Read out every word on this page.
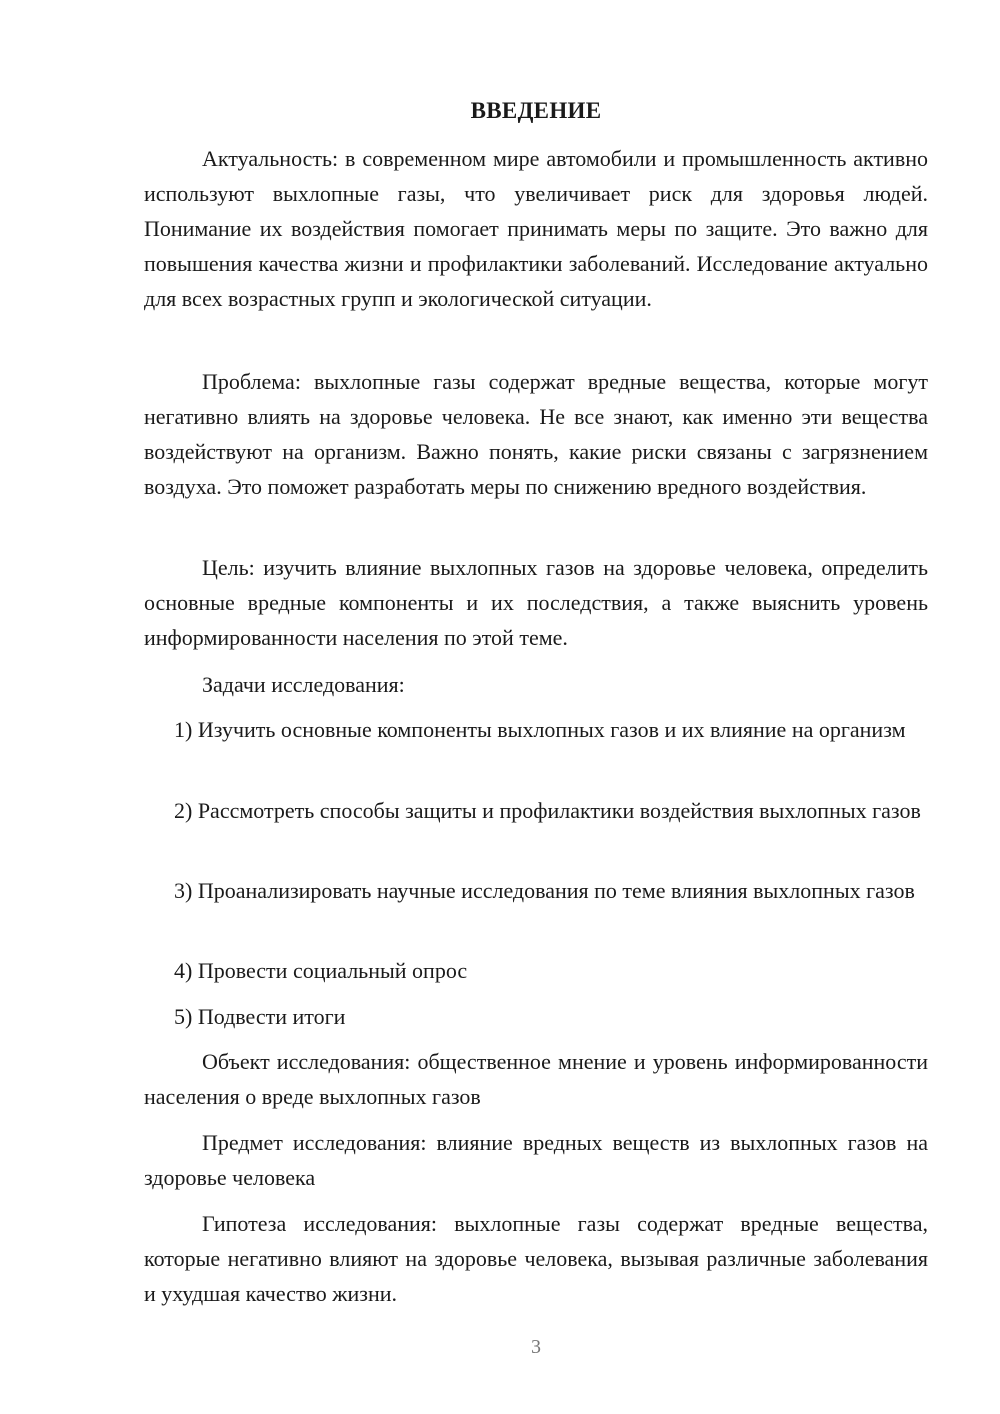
ВВЕДЕНИЕ

Актуальность: в современном мире автомобили и промышленность активно используют выхлопные газы, что увеличивает риск для здоровья людей. Понимание их воздействия помогает принимать меры по защите. Это важно для повышения качества жизни и профилактики заболеваний. Исследование актуально для всех возрастных групп и экологической ситуации.

Проблема: выхлопные газы содержат вредные вещества, которые могут негативно влиять на здоровье человека. Не все знают, как именно эти вещества воздействуют на организм. Важно понять, какие риски связаны с загрязнением воздуха. Это поможет разработать меры по снижению вредного воздействия.

Цель: изучить влияние выхлопных газов на здоровье человека, определить основные вредные компоненты и их последствия, а также выяснить уровень информированности населения по этой теме.

Задачи исследования:

1) Изучить основные компоненты выхлопных газов и их влияние на организм

2) Рассмотреть способы защиты и профилактики воздействия выхлопных газов

3) Проанализировать научные исследования по теме влияния выхлопных газов

4) Провести социальный опрос

5) Подвести итоги

Объект исследования: общественное мнение и уровень информированности населения о вреде выхлопных газов

Предмет исследования: влияние вредных веществ из выхлопных газов на здоровье человека

Гипотеза исследования: выхлопные газы содержат вредные вещества, которые негативно влияют на здоровье человека, вызывая различные заболевания и ухудшая качество жизни.

3
